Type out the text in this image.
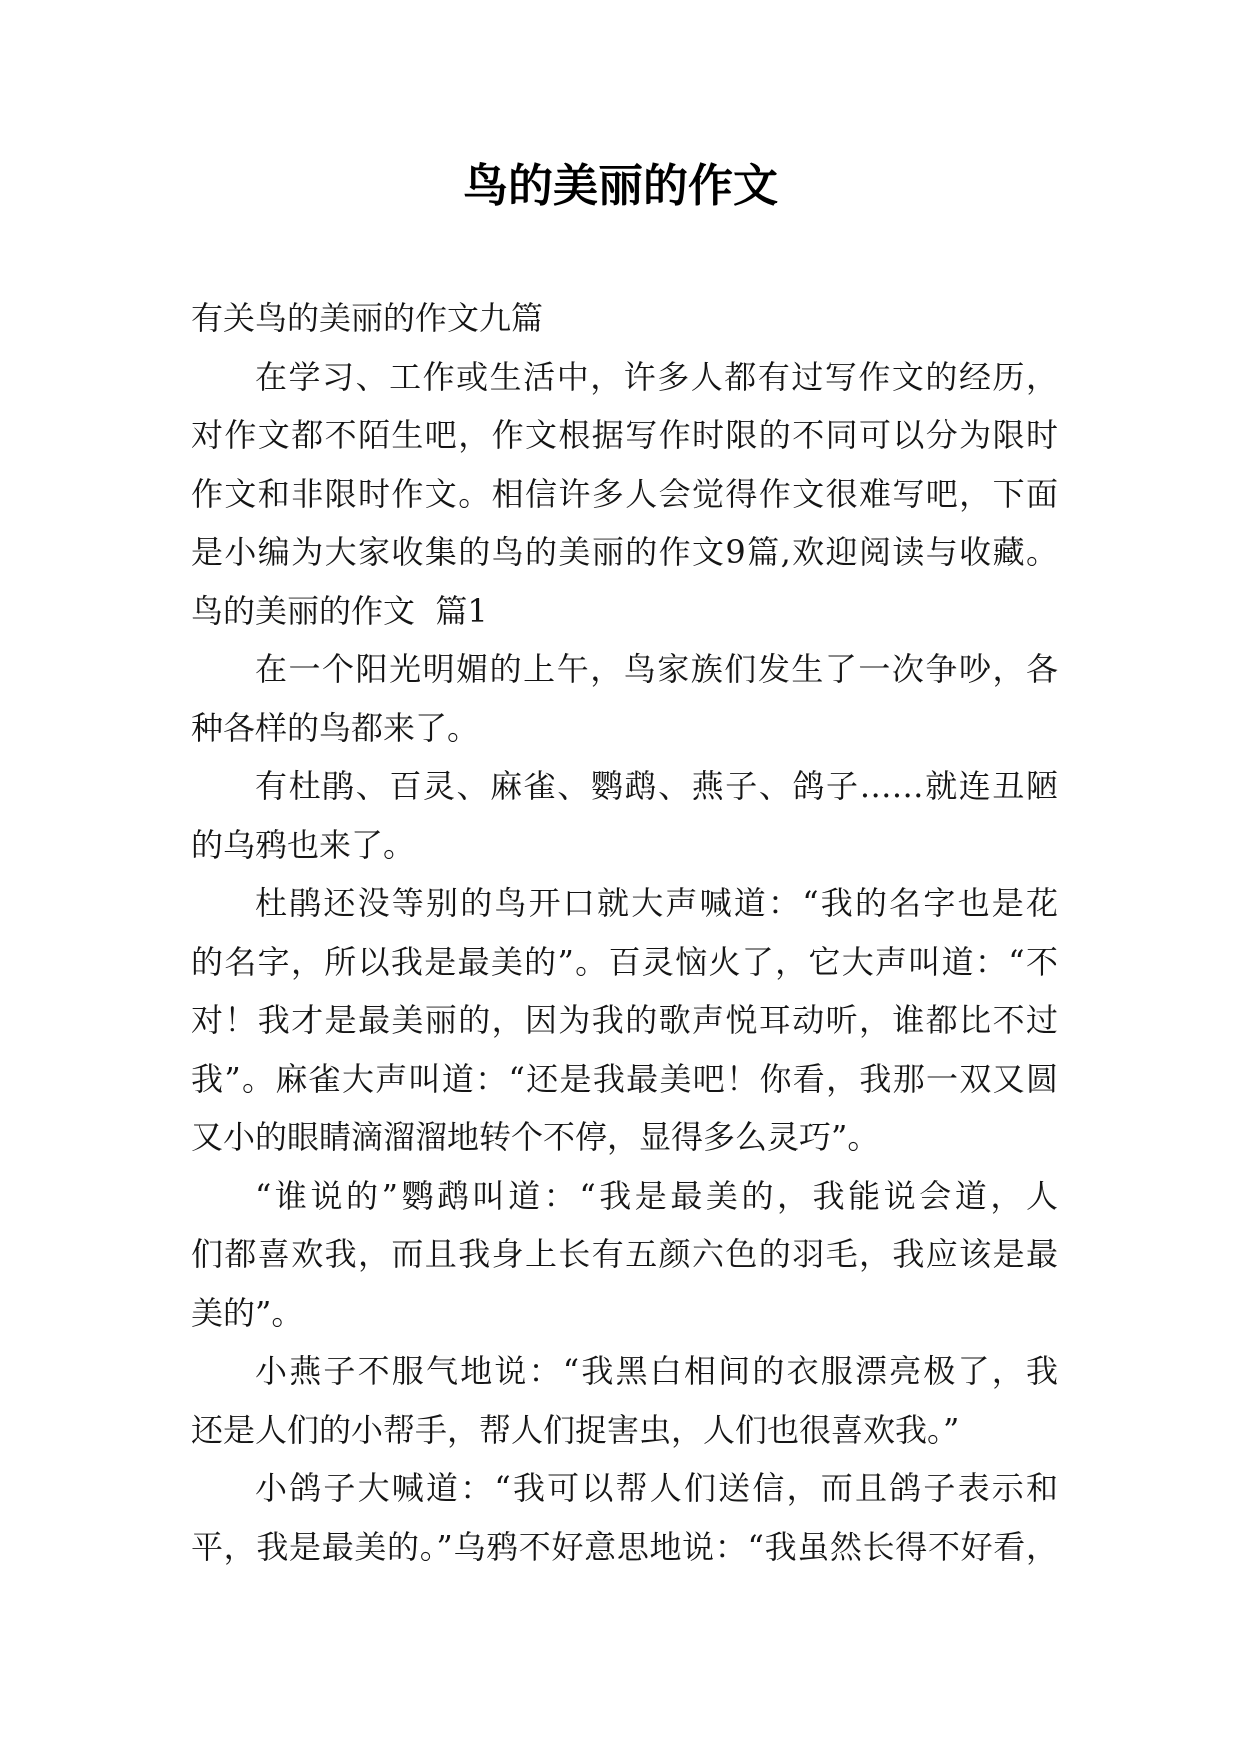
鸟的美丽的作文
有关鸟的美丽的作文九篇
在学习、工作或生活中，许多人都有过写作文的经历，
对作文都不陌生吧，作文根据写作时限的不同可以分为限时
作文和非限时作文。相信许多人会觉得作文很难写吧，下面
是小编为大家收集的鸟的美丽的作文9篇,欢迎阅读与收藏。
鸟的美丽的作文  篇1
在一个阳光明媚的上午，鸟家族们发生了一次争吵，各
种各样的鸟都来了。
有杜鹃、百灵、麻雀、鹦鹉、燕子、鸽子……就连丑陋
的乌鸦也来了。
杜鹃还没等别的鸟开口就大声喊道：“我的名字也是花
的名字，所以我是最美的”。百灵恼火了，它大声叫道：“不
对！我才是最美丽的，因为我的歌声悦耳动听，谁都比不过
我”。麻雀大声叫道：“还是我最美吧！你看，我那一双又圆
又小的眼睛滴溜溜地转个不停，显得多么灵巧”。
“谁说的”鹦鹉叫道：“我是最美的，我能说会道，人
们都喜欢我，而且我身上长有五颜六色的羽毛，我应该是最
美的”。
小燕子不服气地说：“我黑白相间的衣服漂亮极了，我
还是人们的小帮手，帮人们捉害虫，人们也很喜欢我。”
小鸽子大喊道：“我可以帮人们送信，而且鸽子表示和
平，我是最美的。”乌鸦不好意思地说：“我虽然长得不好看，
